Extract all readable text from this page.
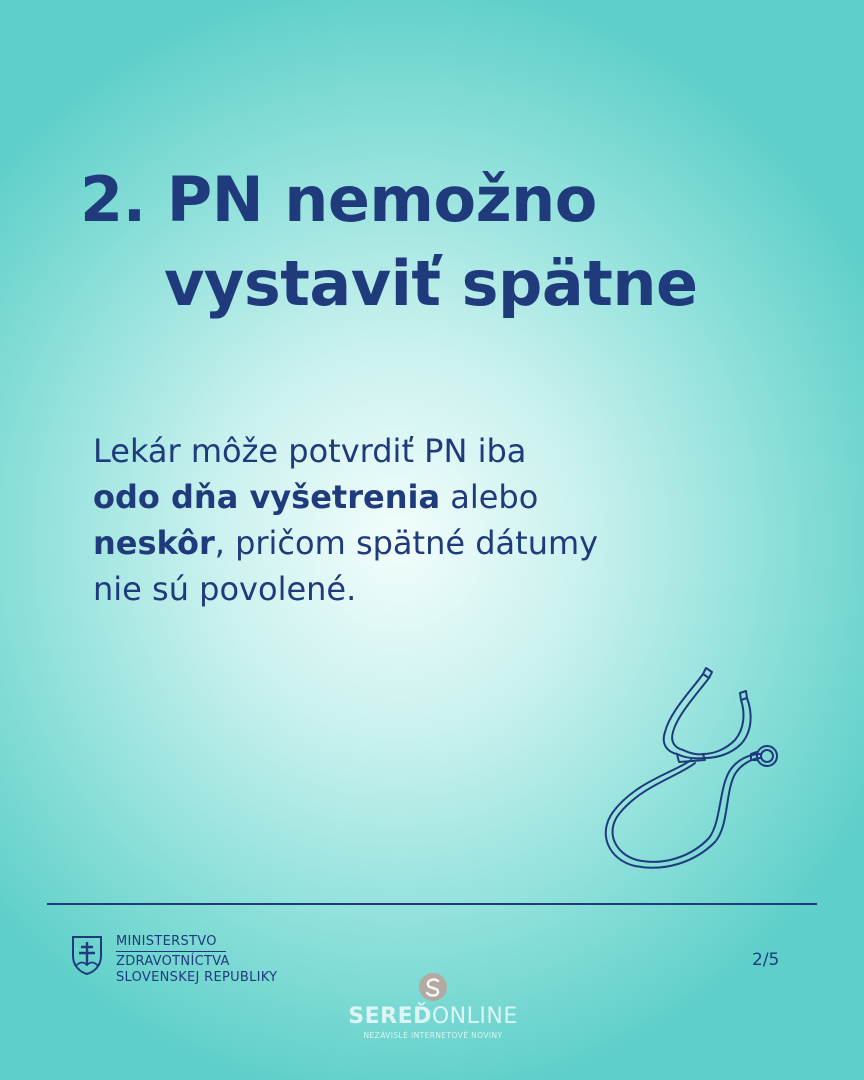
2. PN nemožno
vystaviť spätne
Lekár môže potvrdiť PN iba
odo dňa vyšetrenia alebo
neskôr, pričom spätné dátumy
nie sú povolené.
MINISTERSTVO
ZDRAVOTNÍCTVA
SLOVENSKEJ REPUBLIKY
2/5
SEREĎONLINE
NEZÁVISLÉ INTERNETOVÉ NOVINY
